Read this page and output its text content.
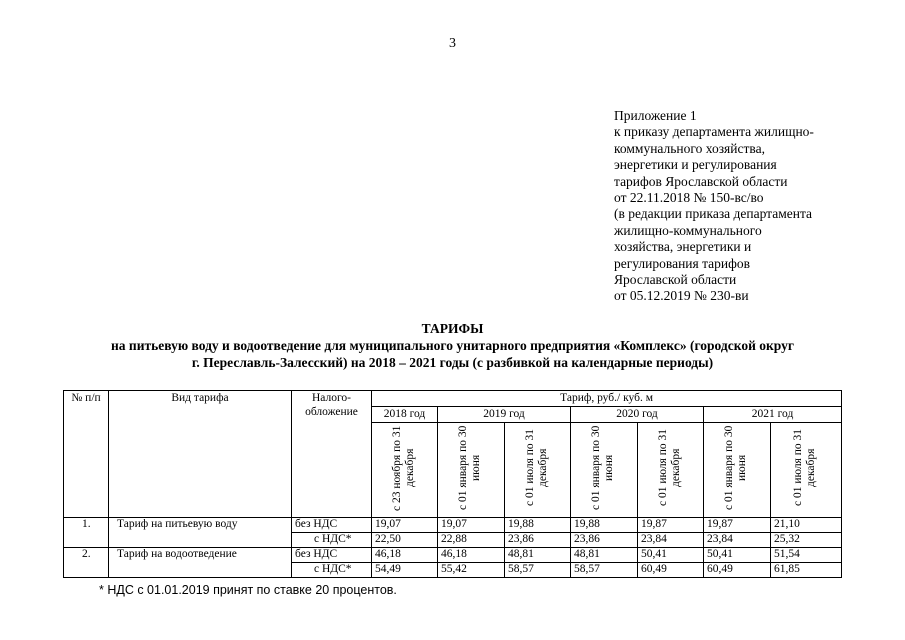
3
Приложение 1
к приказу департамента жилищно-
коммунального хозяйства,
энергетики и регулирования
тарифов Ярославской области
от 22.11.2018 № 150-вс/во
(в редакции приказа департамента
жилищно-коммунального
хозяйства, энергетики и
регулирования тарифов
Ярославской области
от 05.12.2019 № 230-ви
ТАРИФЫ
на питьевую воду и водоотведение для муниципального унитарного предприятия «Комплекс» (городской округ
г. Переславль-Залесский) на 2018 – 2021 годы (с разбивкой на календарные периоды)
№ п/п	Вид тарифа	Налого-обложение	Тариф, руб./ куб. м						
			2018 год	2019 год		2020 год		2021 год	

			с 23 ноября по 31 декабря	с 01 января по 30 июня	с 01 июля по 31 декабря	с 01 января по 30 июня	с 01 июля по 31 декабря	с 01 января по 30 июня	с 01 июля по 31 декабря

1.	Тариф на питьевую воду	без НДС	19,07	19,07	19,88	19,88	19,87	19,87	21,10
		с НДС*	22,50	22,88	23,86	23,86	23,84	23,84	25,32
2.	Тариф на водоотведение	без НДС	46,18	46,18	48,81	48,81	50,41	50,41	51,54
		с НДС*	54,49	55,42	58,57	58,57	60,49	60,49	61,85
* НДС с 01.01.2019 принят по ставке 20 процентов.
